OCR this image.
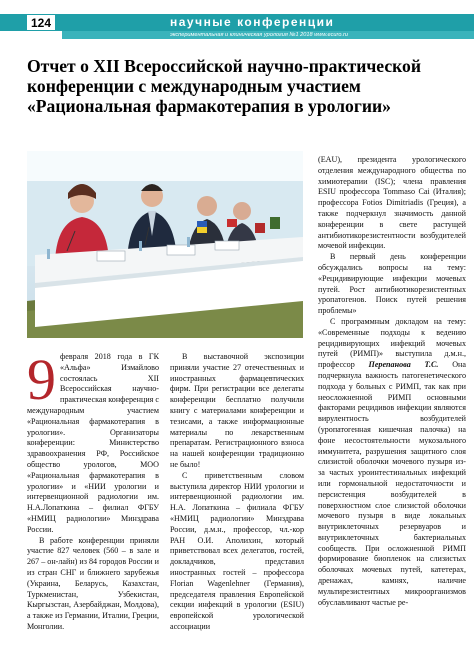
124	научные конференции
экспериментальная и клиническая урология №1 2018 www.ecuro.ru
Отчет о XII Всероссийской научно-практической конференции с международным участием «Рациональная фармакотерапия в урологии»

9 февраля 2018 года в ГК «Альфа» Измайлово состоялась XII Всероссийская научно-практическая конференция с международным участием «Рациональная фармакотерапия в урологии». Организаторы конференции: Министерство здравоохранения РФ, Российское общество урологов, МОО «Рациональная фармакотерапия в урологии» и «НИИ урологии и интервенционной радиологии им. Н.А.Лопаткина – филиал ФГБУ «НМИЦ радиологии» Минздрава России.

В работе конференции приняли участие 827 человек (560 – в зале и 267 – он-лайн) из 84 городов России и из стран СНГ и ближнего зарубежья (Украина, Беларусь, Казахстан, Туркменистан, Узбекистан, Кыргызстан, Азербайджан, Молдова), а также из Германии, Италии, Греции, Монголии.

В выставочной экспозиции приняли участие 27 отечественных и иностранных фармацевтических фирм. При регистрации все делегаты конференции бесплатно получили книгу с материалами конференции и тезисами, а также информационные материалы по лекарственным препаратам. Регистрационного взноса на нашей конференции традиционно не было!

С приветственным словом выступила директор НИИ урологии и интервенционной радиологии им. Н.А. Лопаткина – филиала ФГБУ «НМИЦ радиологии» Минздрава России, д.м.н., профессор, чл.-кор РАН О.И. Аполихин, который приветствовал всех делегатов, гостей, докладчиков, представил иностранных гостей – профессора Florian Wagenlehner (Германия), председателя правления Европейской секции инфекций в урологии (ESIU) европейской урологической ассоциации

(EAU), президента урологического отделения международного общества по химиотерапии (ISC); члена правления ESIU профессора Tommaso Cai (Италия); профессора Fotios Dimitriadis (Греция), а также подчеркнул значимость данной конференции в свете растущей антибиотикорезистентности возбудителей мочевой инфекции.

В первый день конференции обсуждались вопросы на тему: «Рецидивирующие инфекции мочевых путей. Рост антибиотикорезистентных уропатогенов. Поиск путей решения проблемы»

С программным докладом на тему: «Современные подходы к ведению рецидивирующих инфекций мочевых путей (РИМП)» выступила д.м.н., профессор Перепанова Т.С. Она подчеркнула важность патогенетического подхода у больных с РИМП, так как при неосложненной РИМП основными факторами рецидивов инфекции являются вирулентность возбудителей (уропатогенная кишечная палочка) на фоне несостоятельности мукозального иммунитета, разрушения защитного слоя слизистой оболочки мочевого пузыря из-за частых уроинтестинальных инфекций или гормональной недостаточности и персистенция возбудителей в поверхностном слое слизистой оболочки мочевого пузыря в виде локальных внутриклеточных резервуаров и внутриклеточных бактериальных сообществ. При осложненной РИМП формирование биопленок на слизистых оболочках мочевых путей, катетерах, дренажах, камнях, наличие мультирезистентных микроорганизмов обуславливают частые ре-
